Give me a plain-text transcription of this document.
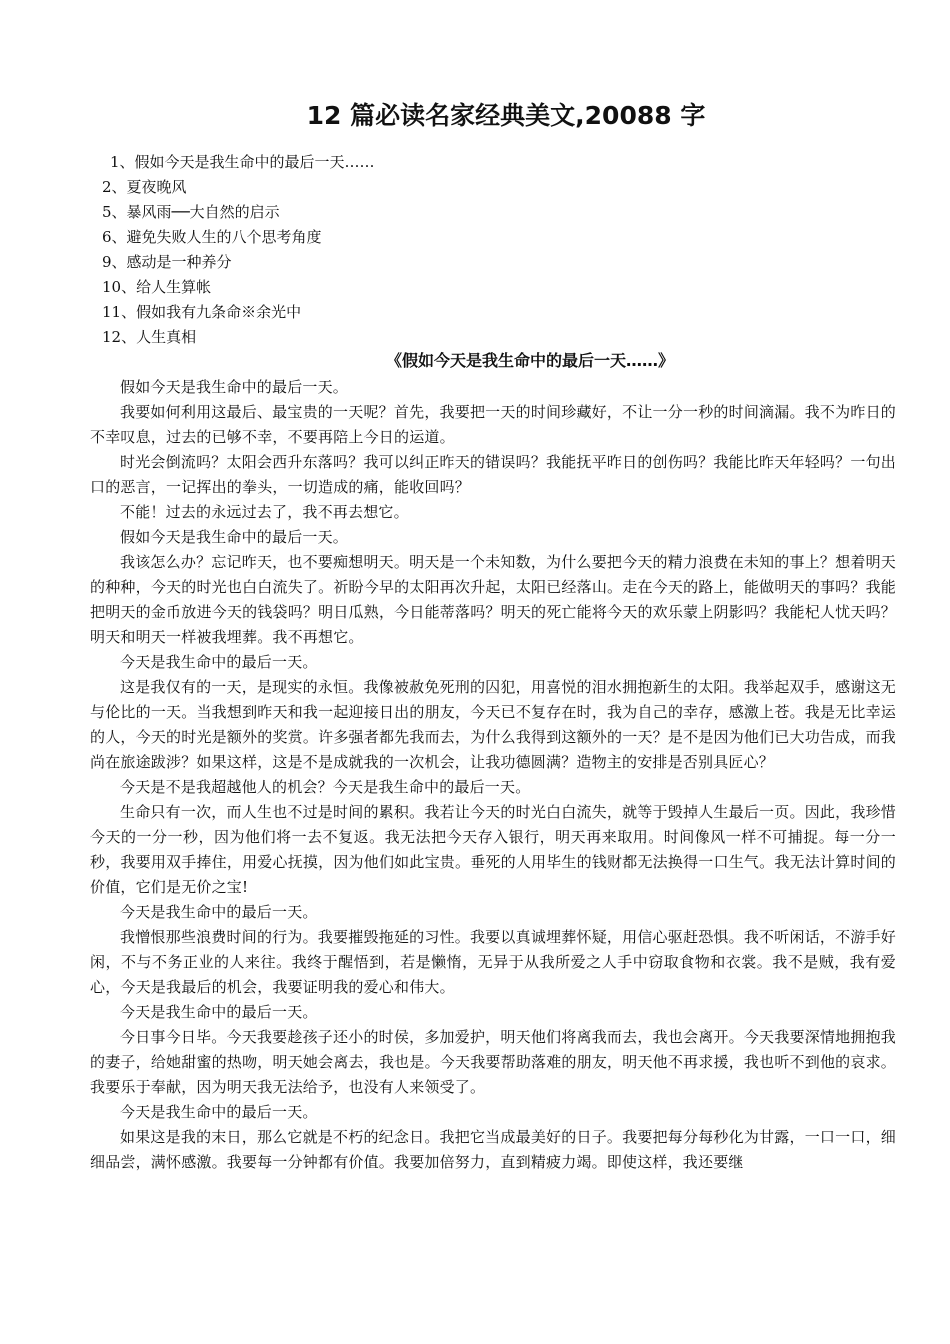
12 篇必读名家经典美文,20088 字
1、假如今天是我生命中的最后一天……
2、夏夜晚风
5、暴风雨──大自然的启示
6、避免失败人生的八个思考角度
9、感动是一种养分
10、给人生算帐
11、假如我有九条命※余光中
12、人生真相
《假如今天是我生命中的最后一天……》

假如今天是我生命中的最后一天。

我要如何利用这最后、最宝贵的一天呢？首先，我要把一天的时间珍藏好，不让一分一秒的时间滴漏。我不为昨日的不幸叹息，过去的已够不幸，不要再陪上今日的运道。

时光会倒流吗？太阳会西升东落吗？我可以纠正昨天的错误吗？我能抚平昨日的创伤吗？我能比昨天年轻吗？一句出口的恶言，一记挥出的拳头，一切造成的痛，能收回吗？

不能！过去的永远过去了，我不再去想它。

假如今天是我生命中的最后一天。

我该怎么办？忘记昨天，也不要痴想明天。明天是一个未知数，为什么要把今天的精力浪费在未知的事上？想着明天的种种，今天的时光也白白流失了。祈盼今早的太阳再次升起，太阳已经落山。走在今天的路上，能做明天的事吗？我能把明天的金币放进今天的钱袋吗？明日瓜熟，今日能蒂落吗？明天的死亡能将今天的欢乐蒙上阴影吗？我能杞人忧天吗？明天和明天一样被我埋葬。我不再想它。

今天是我生命中的最后一天。

这是我仅有的一天，是现实的永恒。我像被赦免死刑的囚犯，用喜悦的泪水拥抱新生的太阳。我举起双手，感谢这无与伦比的一天。当我想到昨天和我一起迎接日出的朋友，今天已不复存在时，我为自己的幸存，感激上苍。我是无比幸运的人，今天的时光是额外的奖赏。许多强者都先我而去，为什么我得到这额外的一天？是不是因为他们已大功告成，而我尚在旅途跋涉？如果这样，这是不是成就我的一次机会，让我功德圆满？造物主的安排是否别具匠心？

今天是不是我超越他人的机会？今天是我生命中的最后一天。

生命只有一次，而人生也不过是时间的累积。我若让今天的时光白白流失，就等于毁掉人生最后一页。因此，我珍惜今天的一分一秒，因为他们将一去不复返。我无法把今天存入银行，明天再来取用。时间像风一样不可捕捉。每一分一秒，我要用双手捧住，用爱心抚摸，因为他们如此宝贵。垂死的人用毕生的钱财都无法换得一口生气。我无法计算时间的价值，它们是无价之宝!

今天是我生命中的最后一天。

我憎恨那些浪费时间的行为。我要摧毁拖延的习性。我要以真诚埋葬怀疑，用信心驱赶恐惧。我不听闲话，不游手好闲，不与不务正业的人来往。我终于醒悟到，若是懒惰，无异于从我所爱之人手中窃取食物和衣裳。我不是贼，我有爱心，今天是我最后的机会，我要证明我的爱心和伟大。

今天是我生命中的最后一天。

今日事今日毕。今天我要趁孩子还小的时侯，多加爱护，明天他们将离我而去，我也会离开。今天我要深情地拥抱我的妻子，给她甜蜜的热吻，明天她会离去，我也是。今天我要帮助落难的朋友，明天他不再求援，我也听不到他的哀求。我要乐于奉献，因为明天我无法给予，也没有人来领受了。

今天是我生命中的最后一天。

如果这是我的末日，那么它就是不朽的纪念日。我把它当成最美好的日子。我要把每分每秒化为甘露，一口一口，细细品尝，满怀感激。我要每一分钟都有价值。我要加倍努力，直到精疲力竭。即使这样，我还要继
